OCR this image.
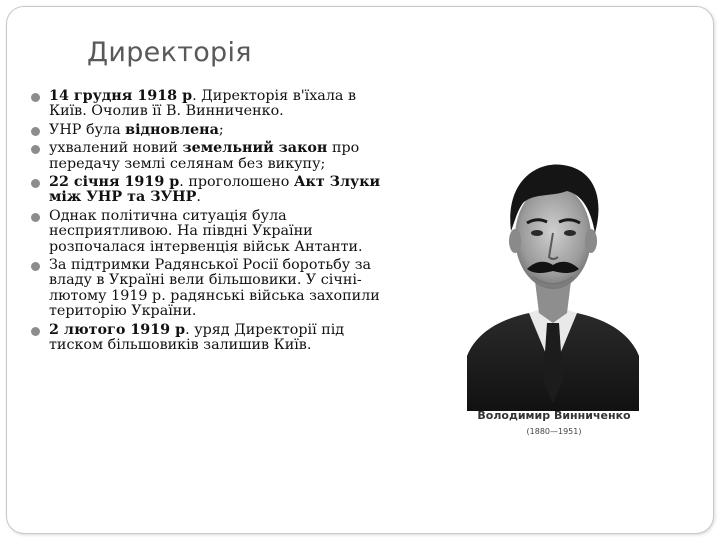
Директорія
14 грудня 1918 р. Директорія в'їхала в Київ. Очолив її В. Винниченко.
УНР була відновлена;
ухвалений новий земельний закон про передачу землі селянам без викупу;
22 січня 1919 р. проголошено Акт Злуки між УНР та ЗУНР.
Однак політична ситуація була несприятливою. На півдні України розпочалася інтервенція військ Антанти.
За підтримки Радянської Росії боротьбу за владу в Україні вели більшовики. У січні-лютому 1919 р. радянські війська захопили територію України.
2 лютого 1919 р. уряд Директорії під тиском більшовиків залишив Київ.
Володимир Винниченко
(1880—1951)
